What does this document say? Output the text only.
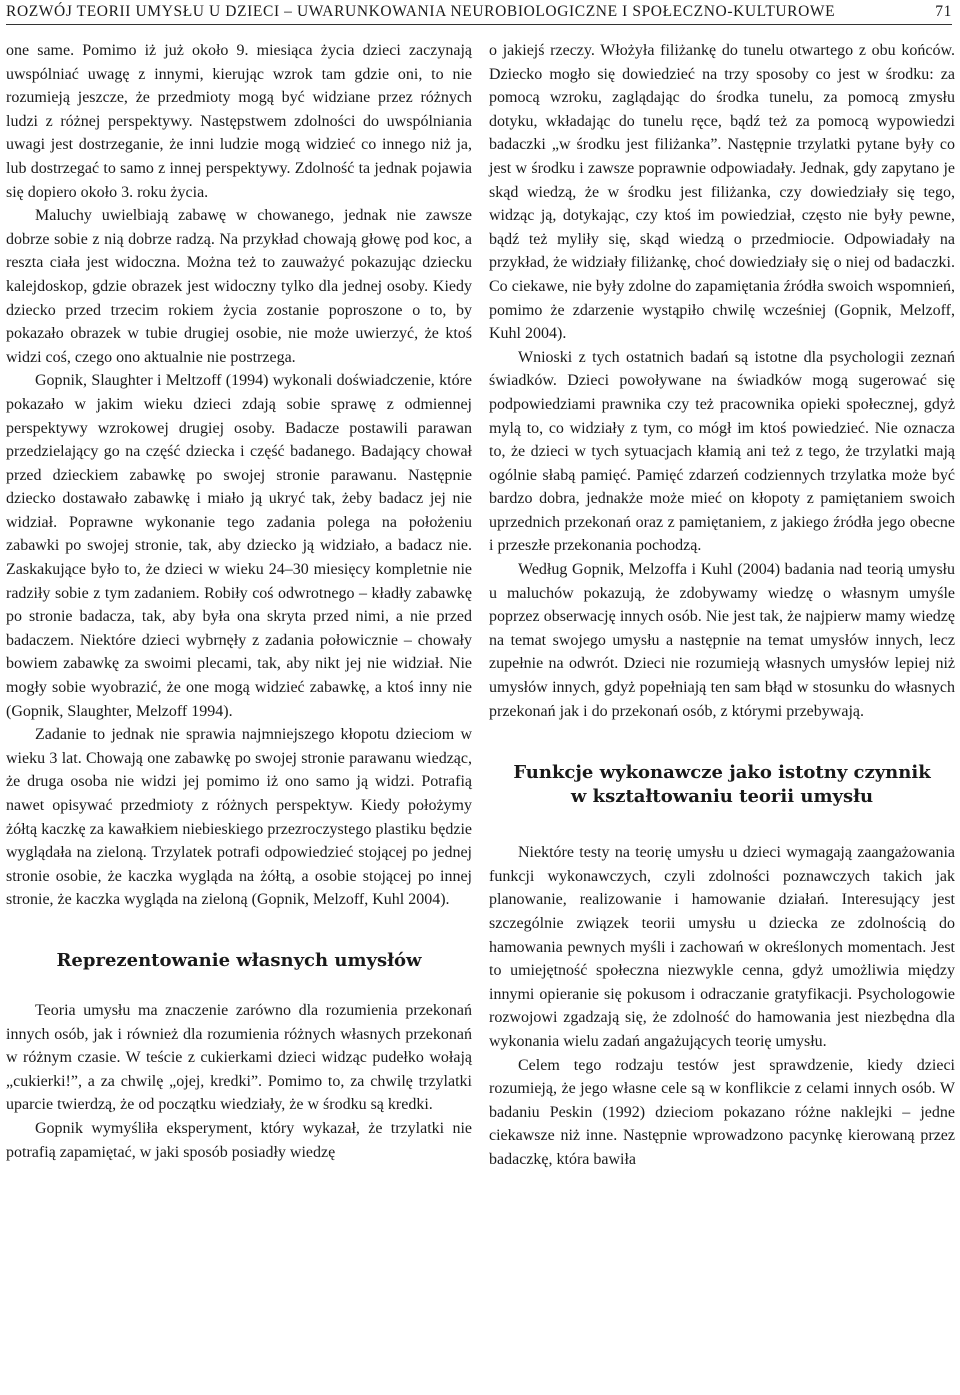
ROZWÓJ TEORII UMYSŁU U DZIECI – UWARUNKOWANIA NEUROBIOLOGICZNE I SPOŁECZNO-KULTUROWE	71

one same. Pomimo iż już około 9. miesiąca życia dzieci zaczynają uwspólniać uwagę z innymi, kierując wzrok tam gdzie oni, to nie rozumieją jeszcze, że przedmioty mogą być widziane przez różnych ludzi z różnej perspektywy. Następstwem zdolności do uwspólniania uwagi jest dostrzeganie, że inni ludzie mogą widzieć co innego niż ja, lub dostrzegać to samo z innej perspektywy. Zdolność ta jednak pojawia się dopiero około 3. roku życia.

Maluchy uwielbiają zabawę w chowanego, jednak nie zawsze dobrze sobie z nią dobrze radzą. Na przykład chowają głowę pod koc, a reszta ciała jest widoczna. Można też to zauważyć pokazując dziecku kalejdoskop, gdzie obrazek jest widoczny tylko dla jednej osoby. Kiedy dziecko przed trzecim rokiem życia zostanie poproszone o to, by pokazało obrazek w tubie drugiej osobie, nie może uwierzyć, że ktoś widzi coś, czego ono aktualnie nie postrzega.

Gopnik, Slaughter i Meltzoff (1994) wykonali doświadczenie, które pokazało w jakim wieku dzieci zdają sobie sprawę z odmiennej perspektywy wzrokowej drugiej osoby. Badacze postawili parawan przedzielający go na część dziecka i część badanego. Badający chował przed dzieckiem zabawkę po swojej stronie parawanu. Następnie dziecko dostawało zabawkę i miało ją ukryć tak, żeby badacz jej nie widział. Poprawne wykonanie tego zadania polega na położeniu zabawki po swojej stronie, tak, aby dziecko ją widziało, a badacz nie. Zaskakujące było to, że dzieci w wieku 24–30 miesięcy kompletnie nie radziły sobie z tym zadaniem. Robiły coś odwrotnego – kładły zabawkę po stronie badacza, tak, aby była ona skryta przed nimi, a nie przed badaczem. Niektóre dzieci wybrnęły z zadania połowicznie – chowały bowiem zabawkę za swoimi plecami, tak, aby nikt jej nie widział. Nie mogły sobie wyobrazić, że one mogą widzieć zabawkę, a ktoś inny nie (Gopnik, Slaughter, Melzoff 1994).

Zadanie to jednak nie sprawia najmniejszego kłopotu dzieciom w wieku 3 lat. Chowają one zabawkę po swojej stronie parawanu wiedząc, że druga osoba nie widzi jej pomimo iż ono samo ją widzi. Potrafią nawet opisywać przedmioty z różnych perspektyw. Kiedy położymy żółtą kaczkę za kawałkiem niebieskiego przezroczystego plastiku będzie wyglądała na zieloną. Trzylatek potrafi odpowiedzieć stojącej po jednej stronie osobie, że kaczka wygląda na żółtą, a osobie stojącej po innej stronie, że kaczka wygląda na zieloną (Gopnik, Melzoff, Kuhl 2004).

Reprezentowanie własnych umysłów

Teoria umysłu ma znaczenie zarówno dla rozumienia przekonań innych osób, jak i również dla rozumienia różnych własnych przekonań w różnym czasie. W teście z cukierkami dzieci widząc pudełko wołają „cukierki!”, a za chwilę „ojej, kredki”. Pomimo to, za chwilę trzylatki uparcie twierdzą, że od początku wiedziały, że w środku są kredki.

Gopnik wymyśliła eksperyment, który wykazał, że trzylatki nie potrafią zapamiętać, w jaki sposób posiadły wiedzę

o jakiejś rzeczy. Włożyła filiżankę do tunelu otwartego z obu końców. Dziecko mogło się dowiedzieć na trzy sposoby co jest w środku: za pomocą wzroku, zaglądając do środka tunelu, za pomocą zmysłu dotyku, wkładając do tunelu ręce, bądź też za pomocą wypowiedzi badaczki „w środku jest filiżanka”. Następnie trzylatki pytane były co jest w środku i zawsze poprawnie odpowiadały. Jednak, gdy zapytano je skąd wiedzą, że w środku jest filiżanka, czy dowiedziały się tego, widząc ją, dotykając, czy ktoś im powiedział, często nie były pewne, bądź też myliły się, skąd wiedzą o przedmiocie. Odpowiadały na przykład, że widziały filiżankę, choć dowiedziały się o niej od badaczki. Co ciekawe, nie były zdolne do zapamiętania źródła swoich wspomnień, pomimo że zdarzenie wystąpiło chwilę wcześniej (Gopnik, Melzoff, Kuhl 2004).

Wnioski z tych ostatnich badań są istotne dla psychologii zeznań świadków. Dzieci powoływane na świadków mogą sugerować się podpowiedziami prawnika czy też pracownika opieki społecznej, gdyż mylą to, co widziały z tym, co mógł im ktoś powiedzieć. Nie oznacza to, że dzieci w tych sytuacjach kłamią ani też z tego, że trzylatki mają ogólnie słabą pamięć. Pamięć zdarzeń codziennych trzylatka może być bardzo dobra, jednakże może mieć on kłopoty z pamiętaniem swoich uprzednich przekonań oraz z pamiętaniem, z jakiego źródła jego obecne i przeszłe przekonania pochodzą.

Według Gopnik, Melzoffa i Kuhl (2004) badania nad teorią umysłu u maluchów pokazują, że zdobywamy wiedzę o własnym umyśle poprzez obserwację innych osób. Nie jest tak, że najpierw mamy wiedzę na temat swojego umysłu a następnie na temat umysłów innych, lecz zupełnie na odwrót. Dzieci nie rozumieją własnych umysłów lepiej niż umysłów innych, gdyż popełniają ten sam błąd w stosunku do własnych przekonań jak i do przekonań osób, z którymi przebywają.

Funkcje wykonawcze jako istotny czynnik
w kształtowaniu teorii umysłu

Niektóre testy na teorię umysłu u dzieci wymagają zaangażowania funkcji wykonawczych, czyli zdolności poznawczych takich jak planowanie, realizowanie i hamowanie działań. Interesujący jest szczególnie związek teorii umysłu u dziecka ze zdolnością do hamowania pewnych myśli i zachowań w określonych momentach. Jest to umiejętność społeczna niezwykle cenna, gdyż umożliwia między innymi opieranie się pokusom i odraczanie gratyfikacji. Psychologowie rozwojowi zgadzają się, że zdolność do hamowania jest niezbędna dla wykonania wielu zadań angażujących teorię umysłu.

Celem tego rodzaju testów jest sprawdzenie, kiedy dzieci rozumieją, że jego własne cele są w konflikcie z celami innych osób. W badaniu Peskin (1992) dzieciom pokazano różne naklejki – jedne ciekawsze niż inne. Następnie wprowadzono pacynkę kierowaną przez badaczkę, która bawiła
